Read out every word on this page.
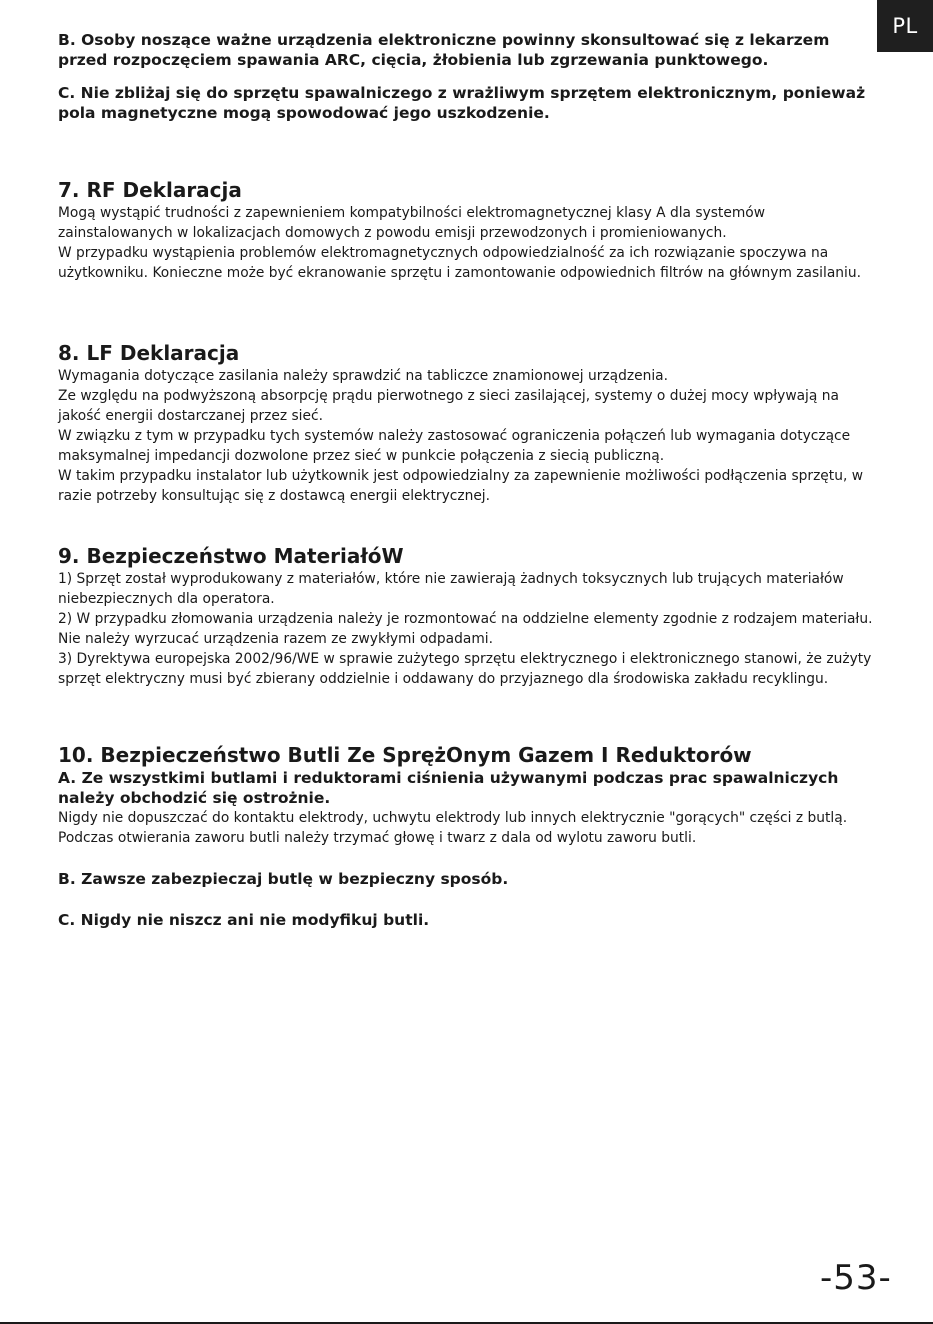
PL

B. Osoby noszące ważne urządzenia elektroniczne powinny skonsultować się z lekarzem przed rozpoczęciem spawania ARC, cięcia, żłobienia lub zgrzewania punktowego.

C. Nie zbliżaj się do sprzętu spawalniczego z wrażliwym sprzętem elektronicznym, ponieważ pola magnetyczne mogą spowodować jego uszkodzenie.

7. RF Deklaracja

Mogą wystąpić trudności z zapewnieniem kompatybilności elektromagnetycznej klasy A dla systemów zainstalowanych w lokalizacjach domowych z powodu emisji przewodzonych i promieniowanych.

W przypadku wystąpienia problemów elektromagnetycznych odpowiedzialność za ich rozwiązanie spoczywa na użytkowniku. Konieczne może być ekranowanie sprzętu i zamontowanie odpowiednich filtrów na głównym zasilaniu.

8. LF Deklaracja

Wymagania dotyczące zasilania należy sprawdzić na tabliczce znamionowej urządzenia.

Ze względu na podwyższoną absorpcję prądu pierwotnego z sieci zasilającej, systemy o dużej mocy wpływają na jakość energii dostarczanej przez sieć.

W związku z tym w przypadku tych systemów należy zastosować ograniczenia połączeń lub wymagania dotyczące maksymalnej impedancji dozwolone przez sieć w punkcie połączenia z siecią publiczną.

W takim przypadku instalator lub użytkownik jest odpowiedzialny za zapewnienie możliwości podłączenia sprzętu, w razie potrzeby konsultując się z dostawcą energii elektrycznej.

9. Bezpieczeństwo MateriałóW

1) Sprzęt został wyprodukowany z materiałów, które nie zawierają żadnych toksycznych lub trujących materiałów niebezpiecznych dla operatora.

2) W przypadku złomowania urządzenia należy je rozmontować na oddzielne elementy zgodnie z rodzajem materiału. Nie należy wyrzucać urządzenia razem ze zwykłymi odpadami.

3) Dyrektywa europejska 2002/96/WE w sprawie zużytego sprzętu elektrycznego i elektronicznego stanowi, że zużyty sprzęt elektryczny musi być zbierany oddzielnie i oddawany do przyjaznego dla środowiska zakładu recyklingu.

10. Bezpieczeństwo Butli Ze SprężOnym Gazem I Reduktorów

A. Ze wszystkimi butlami i reduktorami ciśnienia używanymi podczas prac spawalniczych należy obchodzić się ostrożnie.

Nigdy nie dopuszczać do kontaktu elektrody, uchwytu elektrody lub innych elektrycznie "gorących" części z butlą. Podczas otwierania zaworu butli należy trzymać głowę i twarz z dala od wylotu zaworu butli.

B. Zawsze zabezpieczaj butlę w bezpieczny sposób.

C. Nigdy nie niszcz ani nie modyfikuj butli.

-53-
